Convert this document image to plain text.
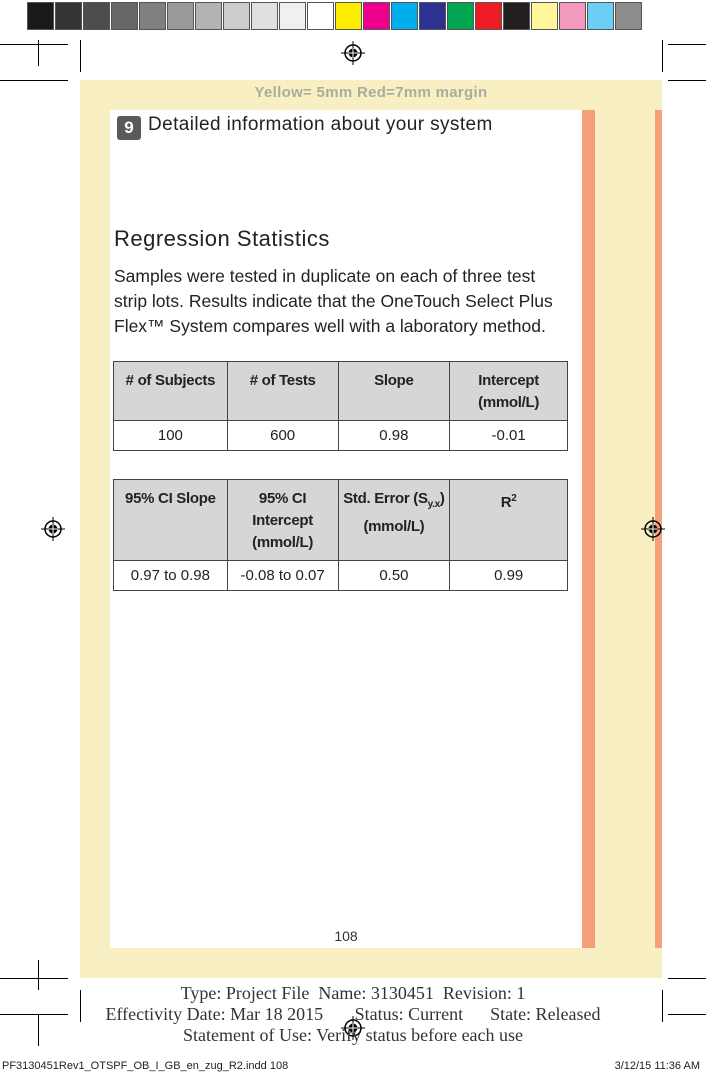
Yellow= 5mm Red=7mm margin
9 Detailed information about your system
Regression Statistics
Samples were tested in duplicate on each of three test strip lots. Results indicate that the OneTouch Select Plus Flex™ System compares well with a laboratory method.
# of Subjects	# of Tests	Slope	Intercept (mmol/L)
100	600	0.98	-0.01
95% CI Slope	95% CI Intercept (mmol/L)	Std. Error $(S_{y.x})$ (mmol/L)	$R^2$
0.97 to 0.98	-0.08 to 0.07	0.50	0.99
108
Type: Project File  Name: 3130451  Revision: 1
Effectivity Date: Mar 18 2015       Status: Current      State: Released
Statement of Use: Verify status before each use
PF3130451Rev1_OTSPF_OB_I_GB_en_zug_R2.indd 108	3/12/15 11:36 AM
